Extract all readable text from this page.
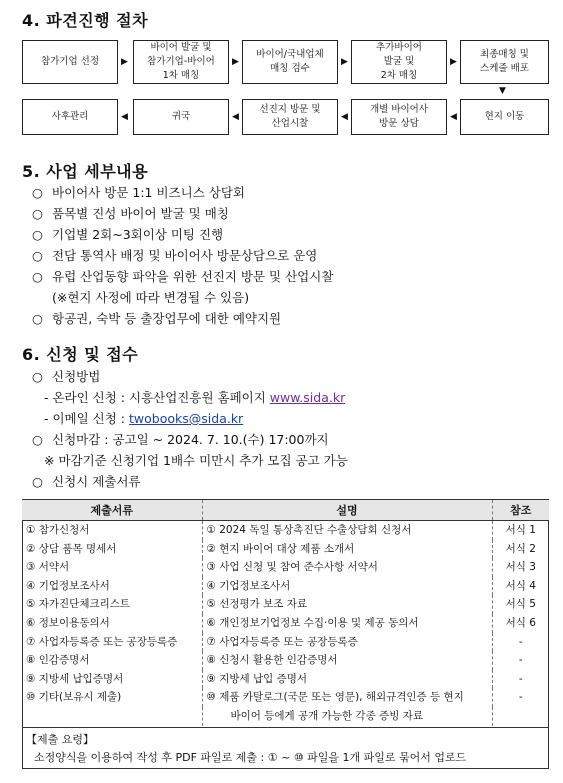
4. 파견진행 절차
참가기업 선정	▶
바이어 발굴 및
참가기업-바이어
1차 매칭
▶
바이어/국내업체
매칭 검수
▶
추가바이어
발굴 및
2차 매칭
▶
최종매칭 및
스케줄 배포
▼
사후관리	◀	귀국	◀
선진지 방문 및
산업시찰
◀
개별 바이어사
방문 상담
◀	현지 이동
5. 사업 세부내용
○ 바이어사 방문 1:1 비즈니스 상담회
○ 품목별 진성 바이어 발굴 및 매칭
○ 기업별 2회~3회이상 미팅 진행
○ 전담 통역사 배정 및 바이어사 방문상담으로 운영
○ 유럽 산업동향 파악을 위한 선진지 방문 및 산업시찰
(※현지 사정에 따라 변경될 수 있음)
○ 항공권, 숙박 등 출장업무에 대한 예약지원
6. 신청 및 접수
○ 신청방법
- 온라인 신청 : 시흥산업진흥원 홈페이지 www.sida.kr
- 이메일 신청 : twobooks@sida.kr
○ 신청마감 : 공고일 ~ 2024. 7. 10.(수) 17:00까지
※ 마감기준 신청기업 1배수 미만시 추가 모집 공고 가능
○ 신청시 제출서류
제출서류	설명	참조
① 참가신청서	① 2024 독일 통상촉진단 수출상담회 신청서	서식 1
② 상담 품목 명세서	② 현지 바이어 대상 제품 소개서	서식 2
③ 서약서	③ 사업 신청 및 참여 준수사항 서약서	서식 3
④ 기업정보조사서	④ 기업정보조사서	서식 4
⑤ 자가진단체크리스트	⑤ 선정평가 보조 자료	서식 5
⑥ 정보이용동의서	⑥ 개인정보기업정보 수집·이용 및 제공 동의서	서식 6
⑦ 사업자등록증 또는 공장등록증	⑦ 사업자등록증 또는 공장등록증	-
⑧ 인감증명서	⑧ 신청시 활용한 인감증명서	-
⑨ 지방세 납입증명서	⑨ 지방세 납입 증명서	-
⑩ 기타(보유시 제출)	⑩ 제품 카탈로그(국문 또는 영문), 해외규격인증 등 현지	-
	바이어 등에게 공개 가능한 각종 증빙 자료	
【제출 요령】
소정양식을 이용하여 작성 후 PDF 파일로 제출 : ① ~ ⑩ 파일을 1개 파일로 묶어서 업로드
